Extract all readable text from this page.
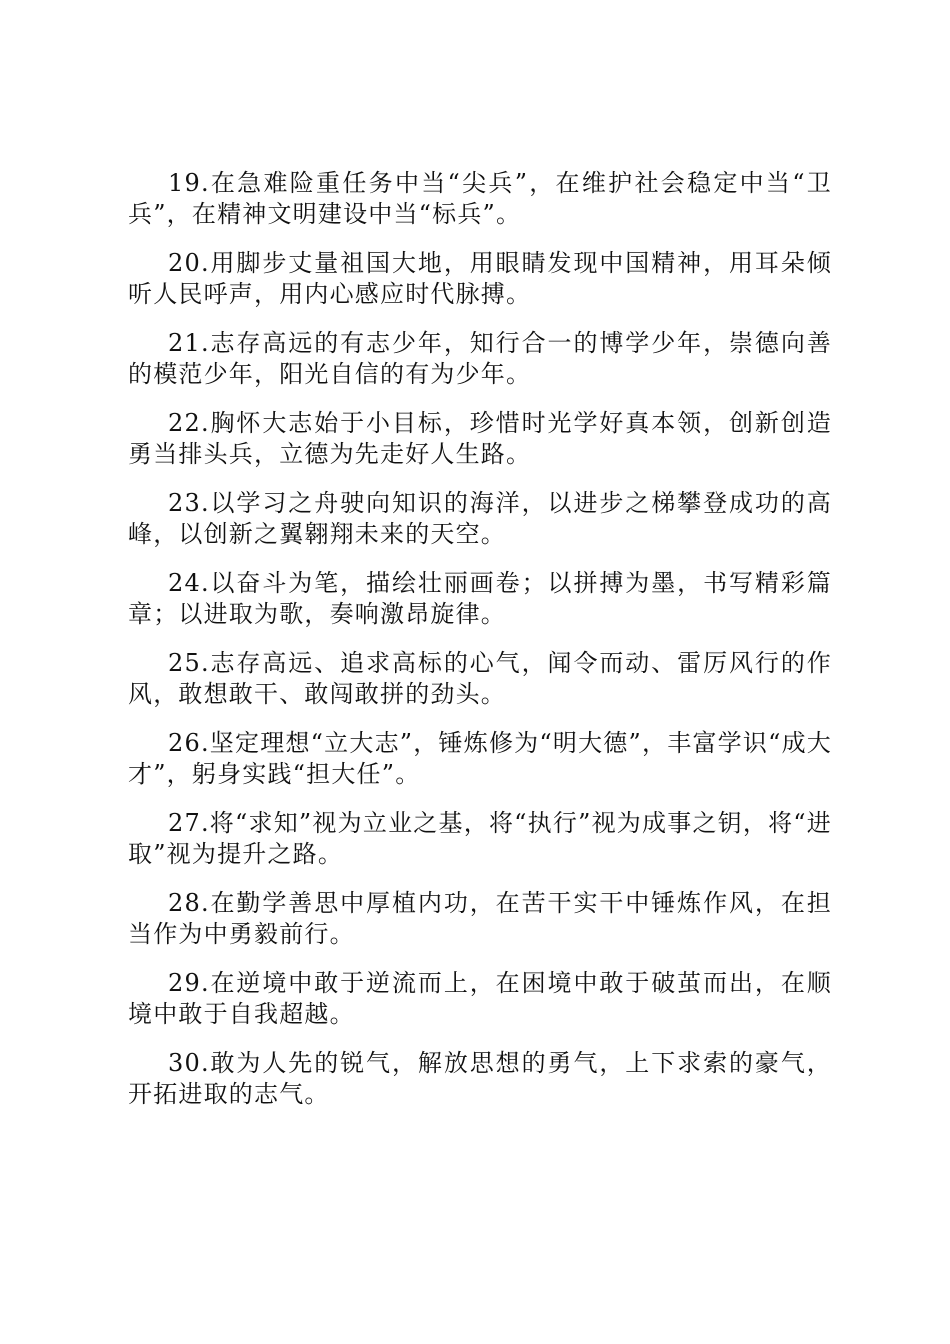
19.在急难险重任务中当“尖兵”，在维护社会稳定中当“卫兵”，在精神文明建设中当“标兵”。

20.用脚步丈量祖国大地，用眼睛发现中国精神，用耳朵倾听人民呼声，用内心感应时代脉搏。

21.志存高远的有志少年，知行合一的博学少年，崇德向善的模范少年，阳光自信的有为少年。

22.胸怀大志始于小目标，珍惜时光学好真本领，创新创造勇当排头兵，立德为先走好人生路。

23.以学习之舟驶向知识的海洋，以进步之梯攀登成功的高峰，以创新之翼翱翔未来的天空。

24.以奋斗为笔，描绘壮丽画卷；以拼搏为墨，书写精彩篇章；以进取为歌，奏响激昂旋律。

25.志存高远、追求高标的心气，闻令而动、雷厉风行的作风，敢想敢干、敢闯敢拼的劲头。

26.坚定理想“立大志”，锤炼修为“明大德”，丰富学识“成大才”，躬身实践“担大任”。

27.将“求知”视为立业之基，将“执行”视为成事之钥，将“进取”视为提升之路。

28.在勤学善思中厚植内功，在苦干实干中锤炼作风，在担当作为中勇毅前行。

29.在逆境中敢于逆流而上，在困境中敢于破茧而出，在顺境中敢于自我超越。

30.敢为人先的锐气，解放思想的勇气，上下求索的豪气，开拓进取的志气。
